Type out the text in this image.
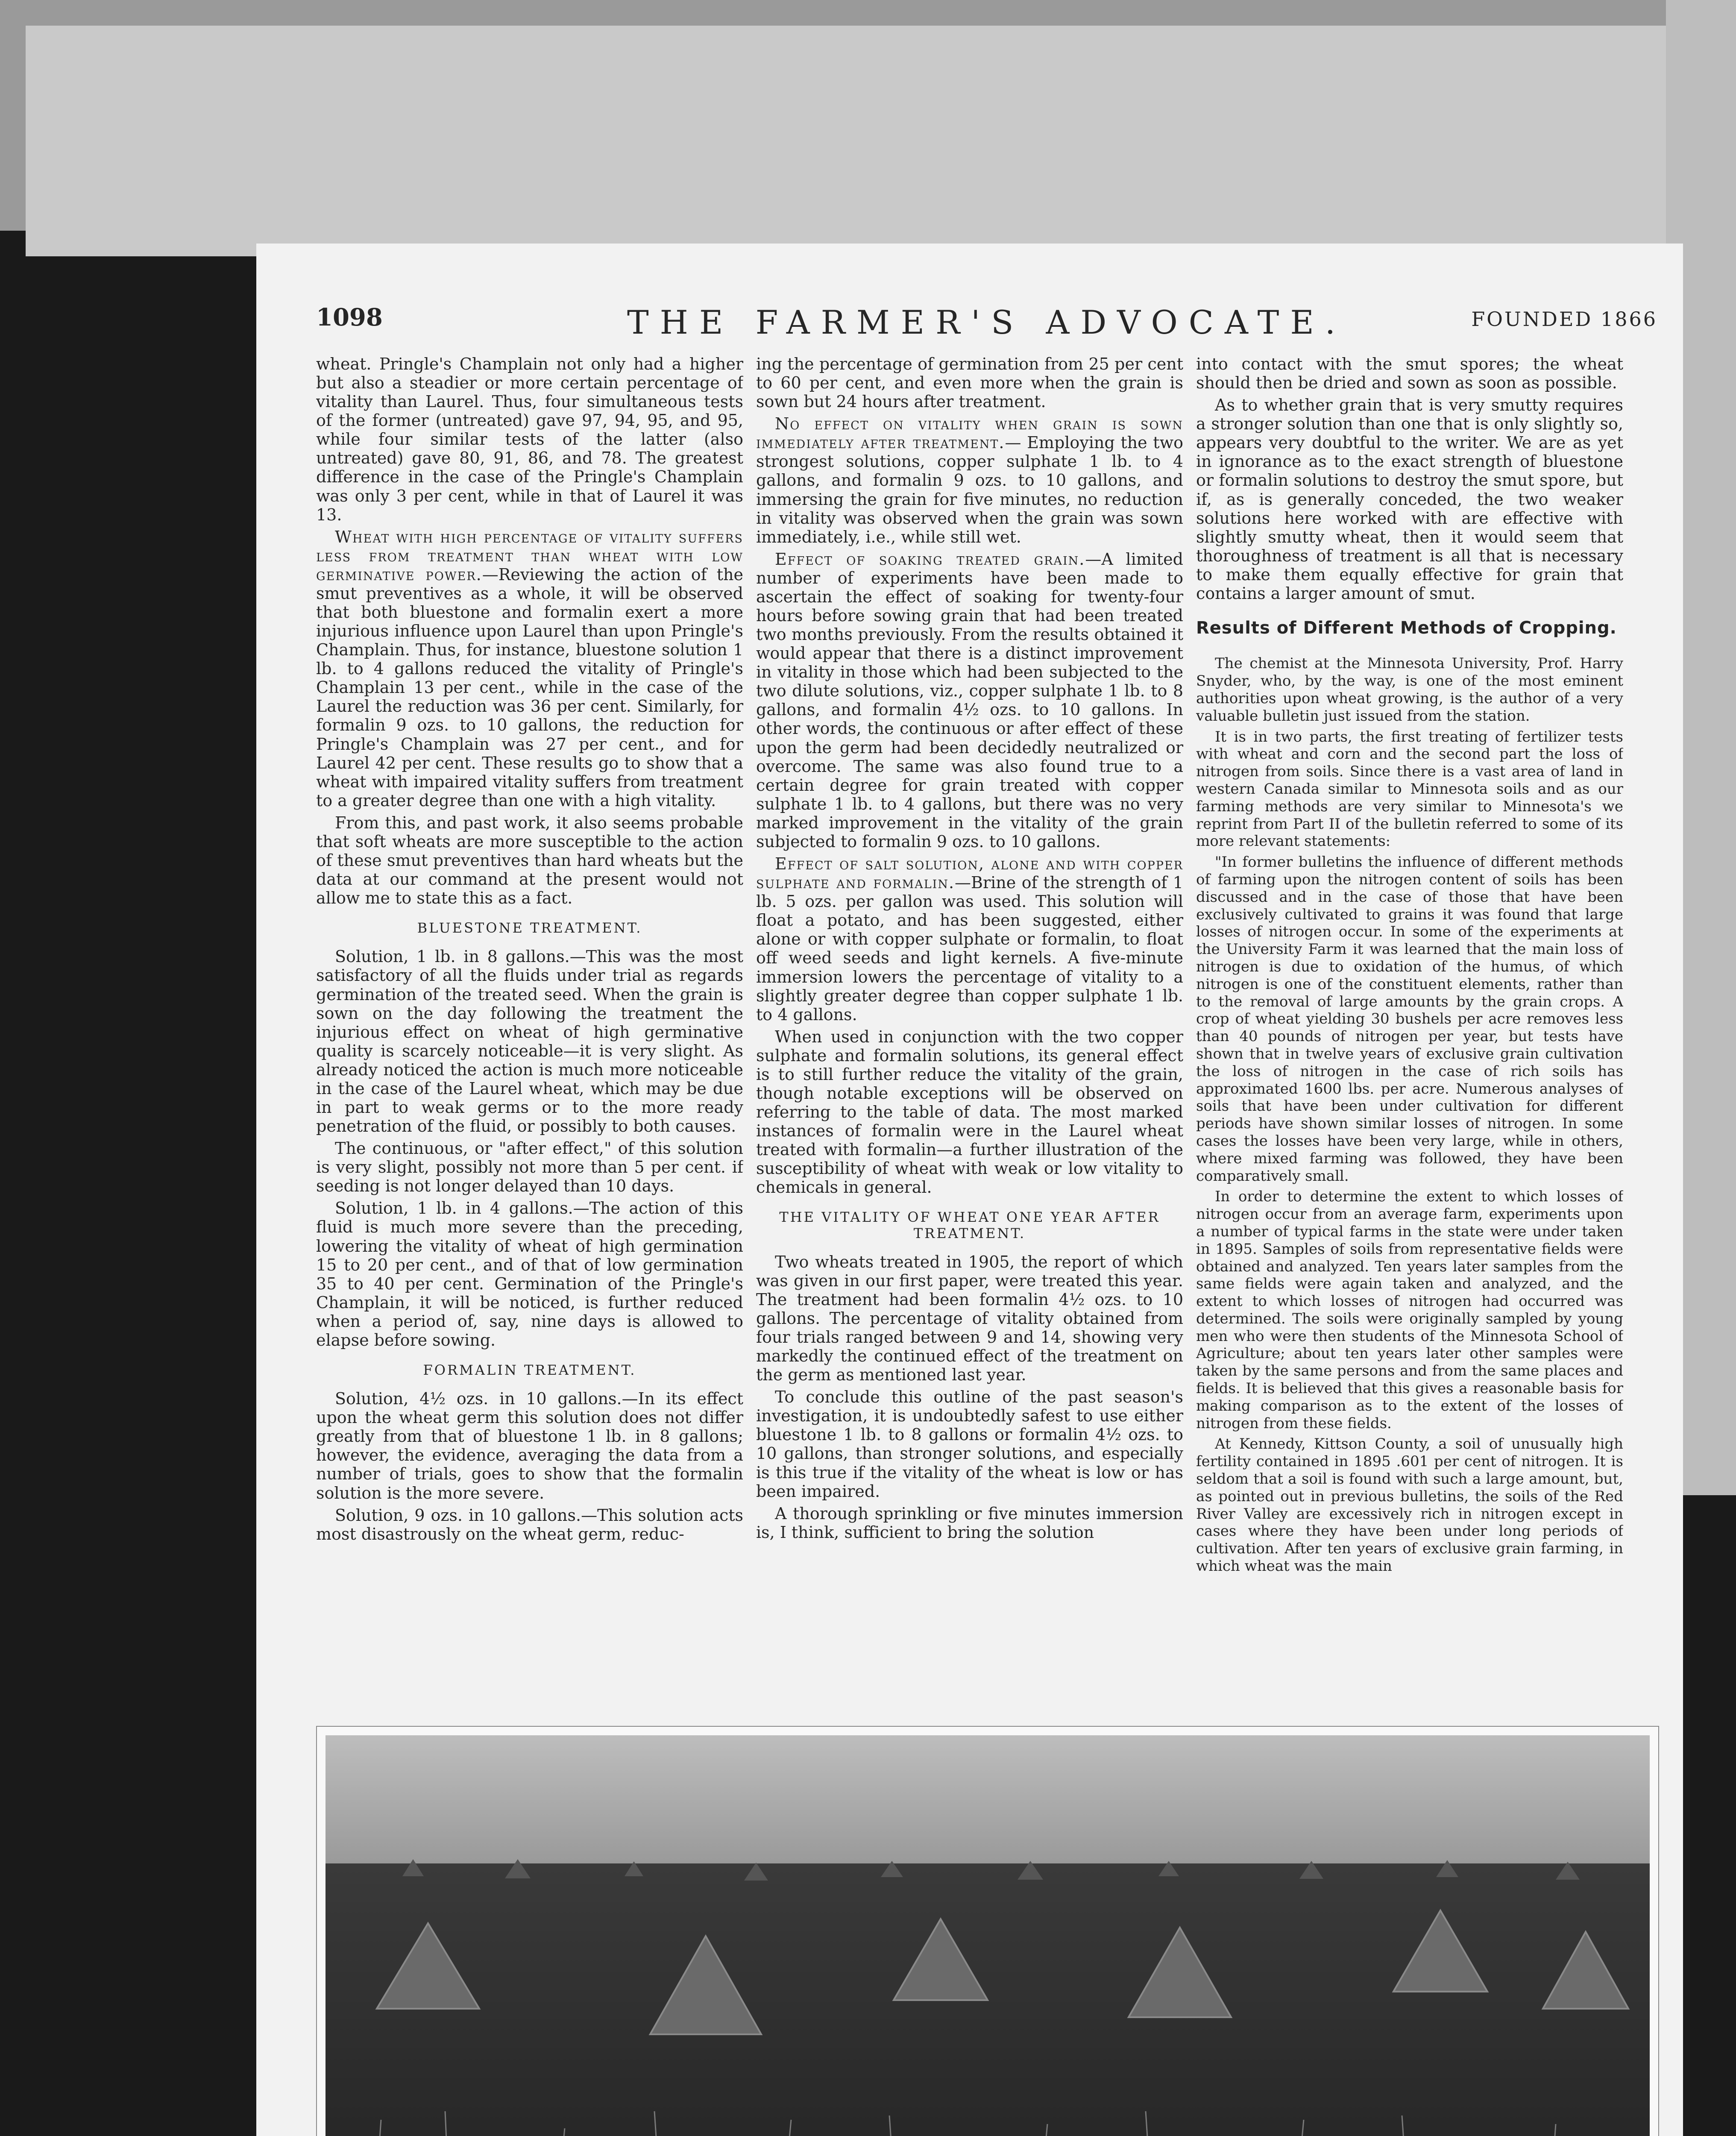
1098	THE FARMER'S ADVOCATE.	FOUNDED 1866

wheat. Pringle's Champlain not only had a higher but also a steadier or more certain percentage of vitality than Laurel. Thus, four simultaneous tests of the former (untreated) gave 97, 94, 95, and 95, while four similar tests of the latter (also untreated) gave 80, 91, 86, and 78. The greatest difference in the case of the Pringle's Champlain was only 3 per cent, while in that of Laurel it was 13.

Wheat with high percentage of vitality suffers less from treatment than wheat with low germinative power.—Reviewing the action of the smut preventives as a whole, it will be observed that both bluestone and formalin exert a more injurious influence upon Laurel than upon Pringle's Champlain. Thus, for instance, bluestone solution 1 lb. to 4 gallons reduced the vitality of Pringle's Champlain 13 per cent., while in the case of the Laurel the reduction was 36 per cent. Similarly, for formalin 9 ozs. to 10 gallons, the reduction for Pringle's Champlain was 27 per cent., and for Laurel 42 per cent. These results go to show that a wheat with impaired vitality suffers from treatment to a greater degree than one with a high vitality.

From this, and past work, it also seems probable that soft wheats are more susceptible to the action of these smut preventives than hard wheats but the data at our command at the present would not allow me to state this as a fact.

BLUESTONE TREATMENT.

Solution, 1 lb. in 8 gallons.—This was the most satisfactory of all the fluids under trial as regards germination of the treated seed. When the grain is sown on the day following the treatment the injurious effect on wheat of high germinative quality is scarcely noticeable—it is very slight. As already noticed the action is much more noticeable in the case of the Laurel wheat, which may be due in part to weak germs or to the more ready penetration of the fluid, or possibly to both causes.

The continuous, or "after effect," of this solution is very slight, possibly not more than 5 per cent. if seeding is not longer delayed than 10 days.

Solution, 1 lb. in 4 gallons.—The action of this fluid is much more severe than the preceding, lowering the vitality of wheat of high germination 15 to 20 per cent., and of that of low germination 35 to 40 per cent. Germination of the Pringle's Champlain, it will be noticed, is further reduced when a period of, say, nine days is allowed to elapse before sowing.

FORMALIN TREATMENT.

Solution, 4½ ozs. in 10 gallons.—In its effect upon the wheat germ this solution does not differ greatly from that of bluestone 1 lb. in 8 gallons; however, the evidence, averaging the data from a number of trials, goes to show that the formalin solution is the more severe.

Solution, 9 ozs. in 10 gallons.—This solution acts most disastrously on the wheat germ, reduc-

ing the percentage of germination from 25 per cent to 60 per cent, and even more when the grain is sown but 24 hours after treatment.

No effect on vitality when grain is sown immediately after treatment.— Employing the two strongest solutions, copper sulphate 1 lb. to 4 gallons, and formalin 9 ozs. to 10 gallons, and immersing the grain for five minutes, no reduction in vitality was observed when the grain was sown immediately, i.e., while still wet.

Effect of soaking treated grain.—A limited number of experiments have been made to ascertain the effect of soaking for twenty-four hours before sowing grain that had been treated two months previously. From the results obtained it would appear that there is a distinct improvement in vitality in those which had been subjected to the two dilute solutions, viz., copper sulphate 1 lb. to 8 gallons, and formalin 4½ ozs. to 10 gallons. In other words, the continuous or after effect of these upon the germ had been decidedly neutralized or overcome. The same was also found true to a certain degree for grain treated with copper sulphate 1 lb. to 4 gallons, but there was no very marked improvement in the vitality of the grain subjected to formalin 9 ozs. to 10 gallons.

Effect of salt solution, alone and with copper sulphate and formalin.—Brine of the strength of 1 lb. 5 ozs. per gallon was used. This solution will float a potato, and has been suggested, either alone or with copper sulphate or formalin, to float off weed seeds and light kernels. A five-minute immersion lowers the percentage of vitality to a slightly greater degree than copper sulphate 1 lb. to 4 gallons.

When used in conjunction with the two copper sulphate and formalin solutions, its general effect is to still further reduce the vitality of the grain, though notable exceptions will be observed on referring to the table of data. The most marked instances of formalin were in the Laurel wheat treated with formalin—a further illustration of the susceptibility of wheat with weak or low vitality to chemicals in general.

THE VITALITY OF WHEAT ONE YEAR AFTER TREATMENT.

Two wheats treated in 1905, the report of which was given in our first paper, were treated this year. The treatment had been formalin 4½ ozs. to 10 gallons. The percentage of vitality obtained from four trials ranged between 9 and 14, showing very markedly the continued effect of the treatment on the germ as mentioned last year.

To conclude this outline of the past season's investigation, it is undoubtedly safest to use either bluestone 1 lb. to 8 gallons or formalin 4½ ozs. to 10 gallons, than stronger solutions, and especially is this true if the vitality of the wheat is low or has been impaired.

A thorough sprinkling or five minutes immersion is, I think, sufficient to bring the solution

into contact with the smut spores; the wheat should then be dried and sown as soon as possible.

As to whether grain that is very smutty requires a stronger solution than one that is only slightly so, appears very doubtful to the writer. We are as yet in ignorance as to the exact strength of bluestone or formalin solutions to destroy the smut spore, but if, as is generally conceded, the two weaker solutions here worked with are effective with slightly smutty wheat, then it would seem that thoroughness of treatment is all that is necessary to make them equally effective for grain that contains a larger amount of smut.

Results of Different Methods of Cropping.

The chemist at the Minnesota University, Prof. Harry Snyder, who, by the way, is one of the most eminent authorities upon wheat growing, is the author of a very valuable bulletin just issued from the station.

It is in two parts, the first treating of fertilizer tests with wheat and corn and the second part the loss of nitrogen from soils. Since there is a vast area of land in western Canada similar to Minnesota soils and as our farming methods are very similar to Minnesota's we reprint from Part II of the bulletin referred to some of its more relevant statements:

"In former bulletins the influence of different methods of farming upon the nitrogen content of soils has been discussed and in the case of those that have been exclusively cultivated to grains it was found that large losses of nitrogen occur. In some of the experiments at the University Farm it was learned that the main loss of nitrogen is due to oxidation of the humus, of which nitrogen is one of the constituent elements, rather than to the removal of large amounts by the grain crops. A crop of wheat yielding 30 bushels per acre removes less than 40 pounds of nitrogen per year, but tests have shown that in twelve years of exclusive grain cultivation the loss of nitrogen in the case of rich soils has approximated 1600 lbs. per acre. Numerous analyses of soils that have been under cultivation for different periods have shown similar losses of nitrogen. In some cases the losses have been very large, while in others, where mixed farming was followed, they have been comparatively small.

In order to determine the extent to which losses of nitrogen occur from an average farm, experiments upon a number of typical farms in the state were under taken in 1895. Samples of soils from representative fields were obtained and analyzed. Ten years later samples from the same fields were again taken and analyzed, and the extent to which losses of nitrogen had occurred was determined. The soils were originally sampled by young men who were then students of the Minnesota School of Agriculture; about ten years later other samples were taken by the same persons and from the same places and fields. It is believed that this gives a reasonable basis for making comparison as to the extent of the losses of nitrogen from these fields.

At Kennedy, Kittson County, a soil of unusually high fertility contained in 1895 .601 per cent of nitrogen. It is seldom that a soil is found with such a large amount, but, as pointed out in previous bulletins, the soils of the Red River Valley are excessively rich in nitrogen except in cases where they have been under long periods of cultivation. After ten years of exclusive grain farming, in which wheat was the main
